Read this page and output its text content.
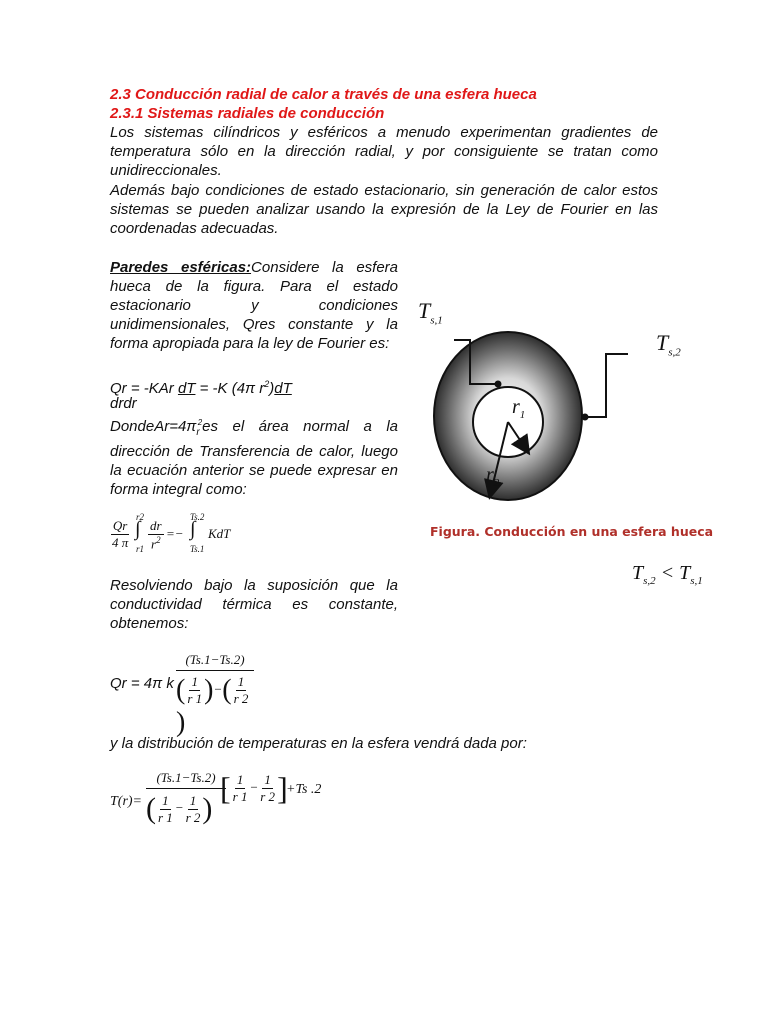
2.3 Conducción radial de calor a través de una esfera hueca
2.3.1 Sistemas radiales de conducción
Los sistemas cilíndricos y esféricos a menudo experimentan gradientes de temperatura sólo en la dirección radial, y por consiguiente se tratan como unidireccionales.
Además bajo condiciones de estado estacionario, sin generación de calor estos sistemas se pueden analizar usando la expresión de la Ley de Fourier en las coordenadas adecuadas.
Paredes esféricas:Considere la esfera hueca de la figura. Para el estado estacionario y condiciones unidimensionales, Qres constante y la forma apropiada para la ley de Fourier es:
Qr = -KAr dT = -K (4π $r^2)dT$
drdr
$DondeAr=4\pi_r^2es$ el área normal a la dirección de Transferencia de calor, luego la ecuación anterior se puede expresar en forma integral como:
$\frac{Qr}{4 \pi}$
r2
∫
$r1 \frac{dr}{r^2}$ =−
Ts.2
∫
Ts.1
KdT
Resolviendo bajo la suposición que la conductividad térmica es constante, obtenemos:
Qr = 4π k
(Ts.1−Ts.2)
( $\frac{1}{r 1}$ )−( $\frac{1}{r 2}$
)
y la distribución de temperaturas en la esfera vendrá dada por:
T(r)=
(Ts.1−Ts.2)
( $\frac{1}{r 1} - \frac{1}{r 2}$ )
[ $\frac{1}{r 1} - \frac{1}{r 2}$ ]
+Ts .2
$T_{s,1}$
$T_{s,2}$
$r_1$
$r_2$
Figura. Conducción en una esfera hueca
$T_{s,2} < T_{s,1}$
